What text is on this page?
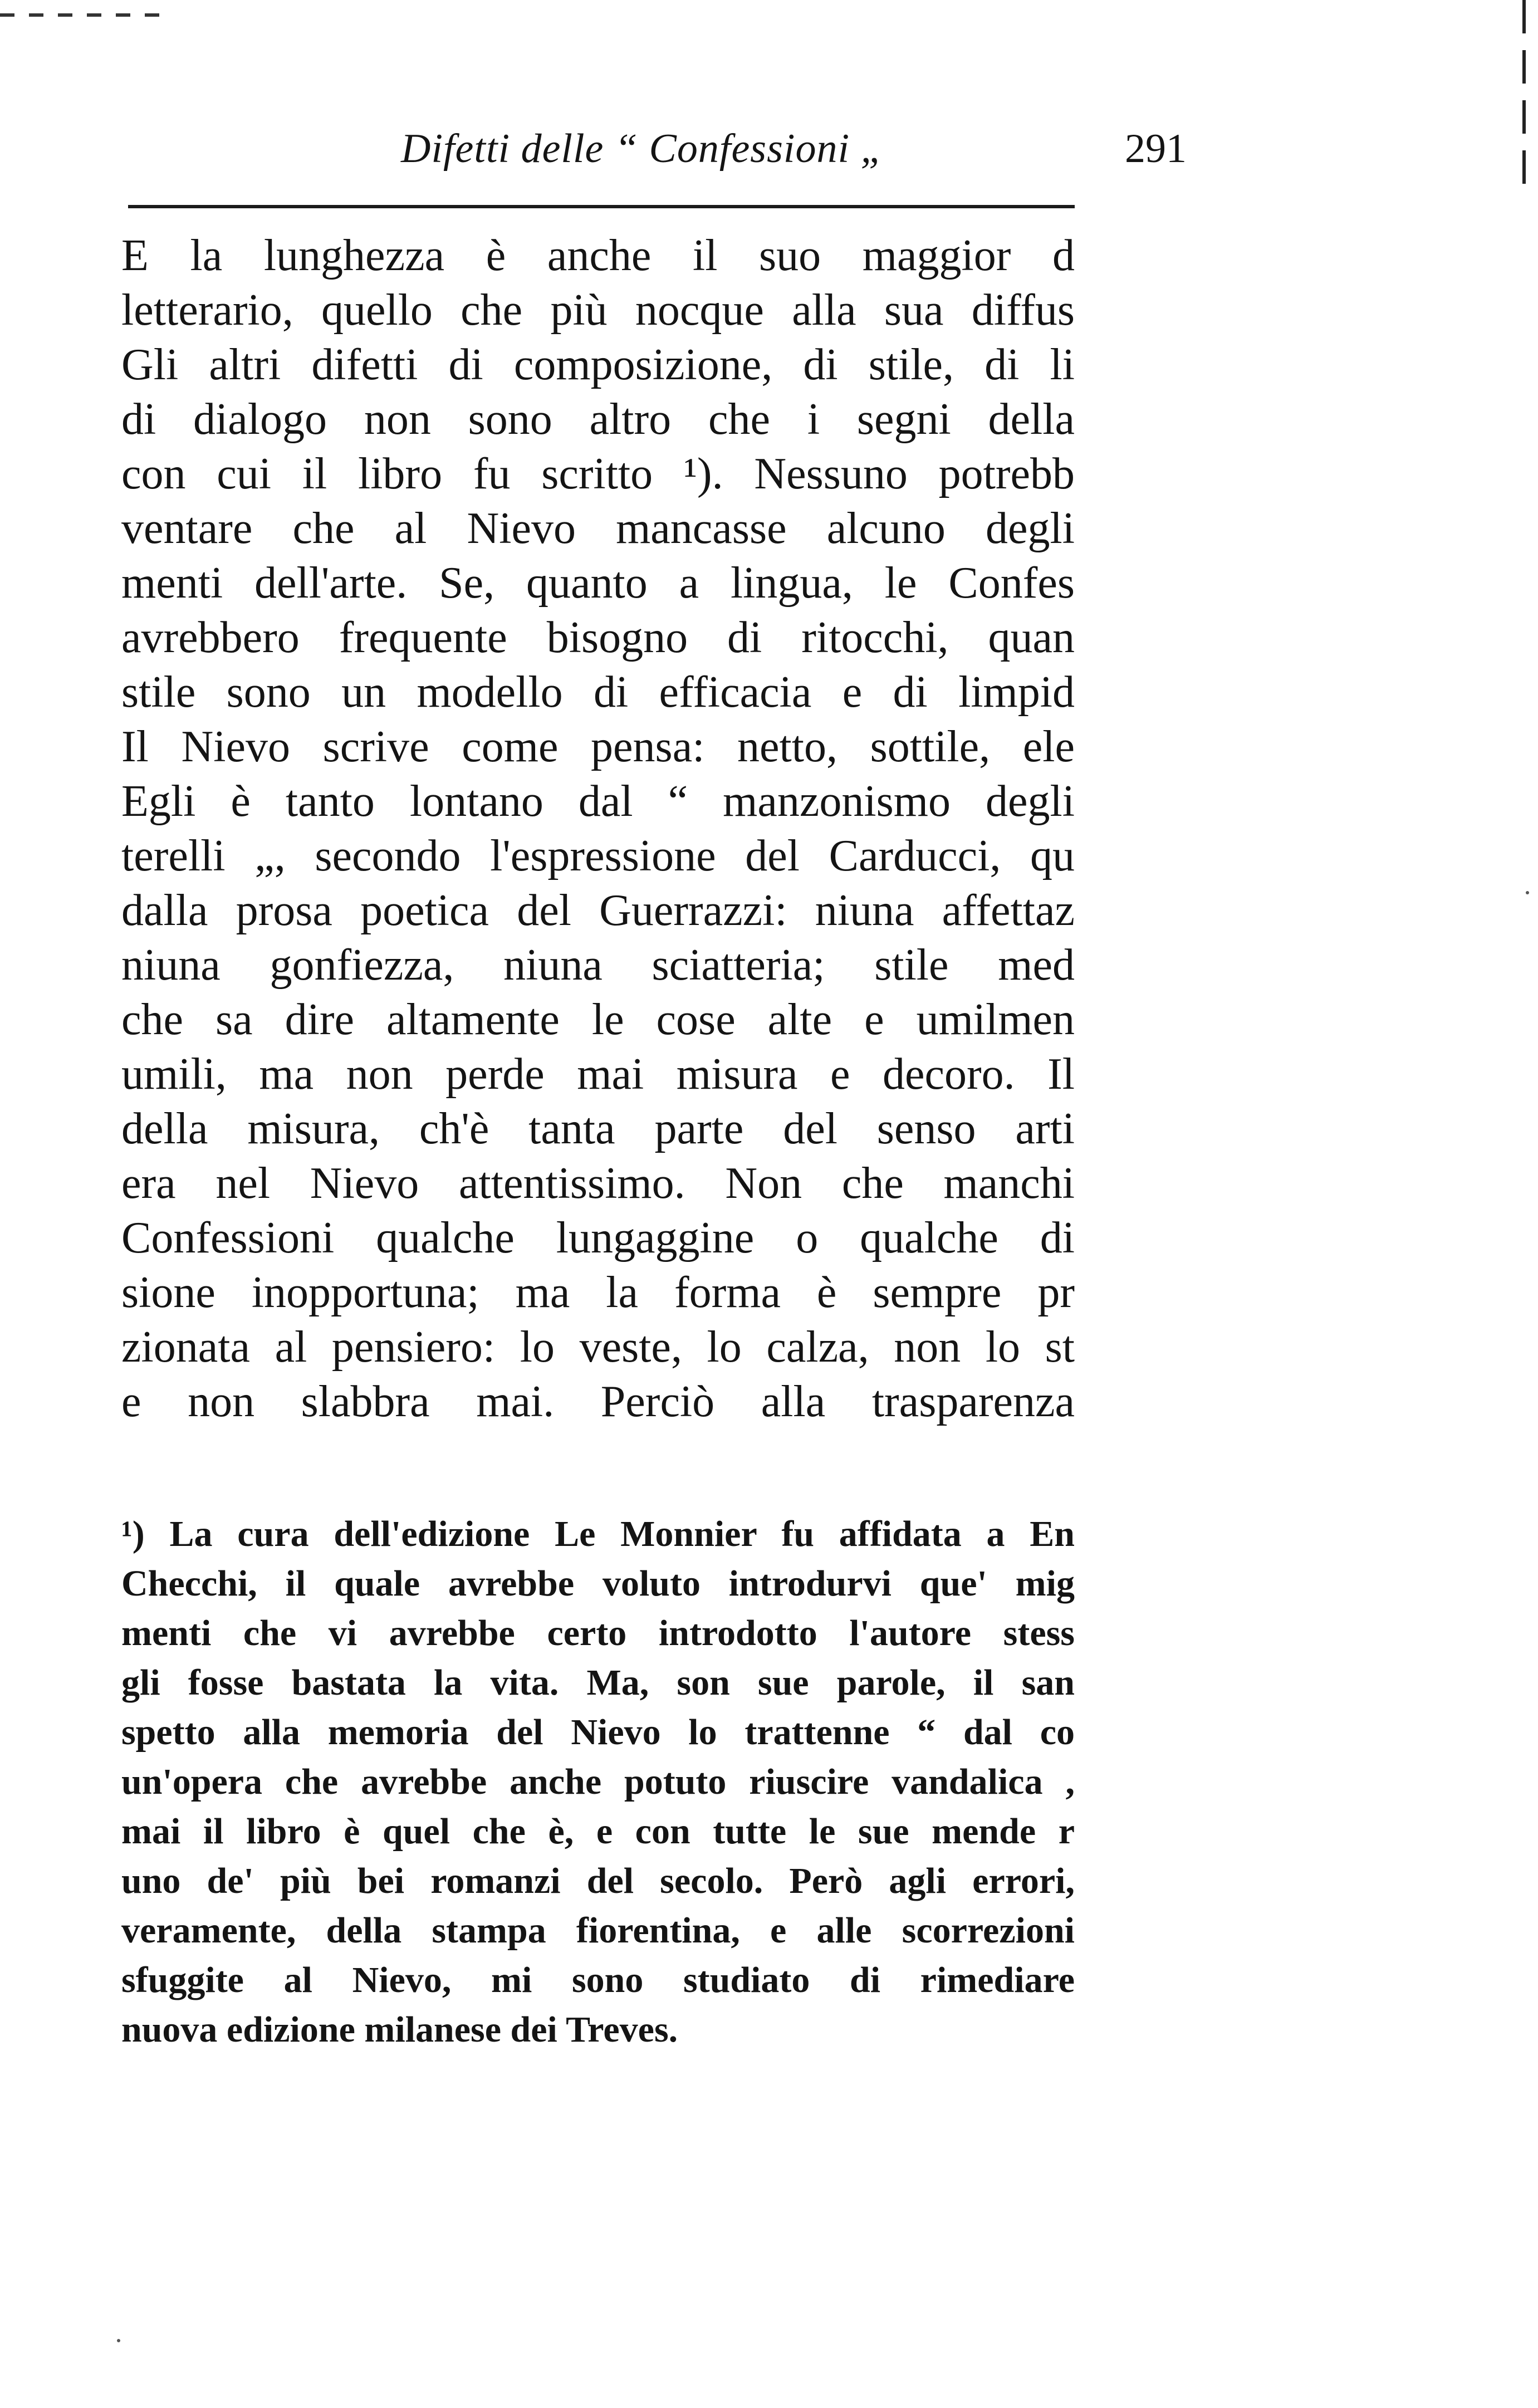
Difetti delle “ Confessioni „	291
E la lunghezza è anche il suo maggior d
letterario, quello che più nocque alla sua diffus
Gli altri difetti di composizione, di stile, di li
di dialogo non sono altro che i segni della
con cui il libro fu scritto ¹). Nessuno potrebb
ventare che al Nievo mancasse alcuno degli
menti dell'arte. Se, quanto a lingua, le Confes
avrebbero frequente bisogno di ritocchi, quan
stile sono un modello di efficacia e di limpid
Il Nievo scrive come pensa: netto, sottile, ele
Egli è tanto lontano dal “ manzonismo degli
terelli „, secondo l'espressione del Carducci, qu
dalla prosa poetica del Guerrazzi: niuna affettaz
niuna gonfiezza, niuna sciatteria; stile med
che sa dire altamente le cose alte e umilmen
umili, ma non perde mai misura e decoro. Il
della misura, ch'è tanta parte del senso arti
era nel Nievo attentissimo. Non che manchi
Confessioni qualche lungaggine o qualche di
sione inopportuna; ma la forma è sempre pr
zionata al pensiero: lo veste, lo calza, non lo st
e non slabbra mai. Perciò alla trasparenza
¹) La cura dell'edizione Le Monnier fu affidata a En
Checchi, il quale avrebbe voluto introdurvi que' mig
menti che vi avrebbe certo introdotto l'autore stess
gli fosse bastata la vita. Ma, son sue parole, il san
spetto alla memoria del Nievo lo trattenne “ dal co
un'opera che avrebbe anche potuto riuscire vandalica ,
mai il libro è quel che è, e con tutte le sue mende r
uno de' più bei romanzi del secolo. Però agli errori,
veramente, della stampa fiorentina, e alle scorrezioni
sfuggite al Nievo, mi sono studiato di rimediare
nuova edizione milanese dei Treves.
